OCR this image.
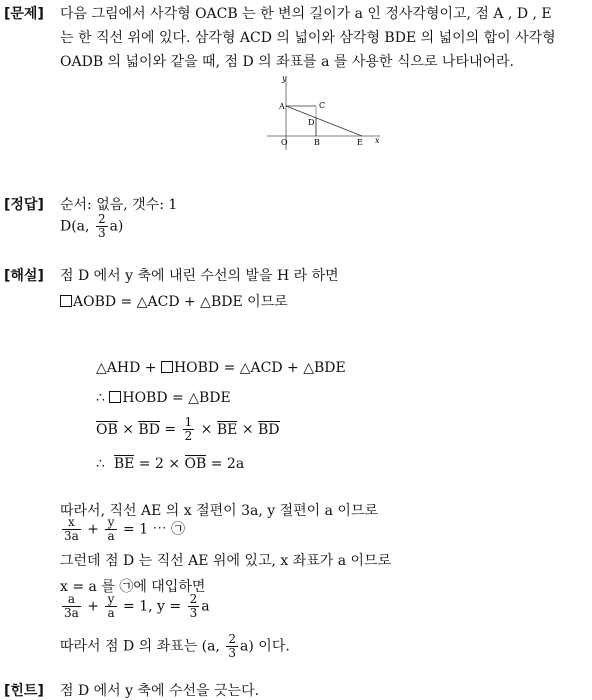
[문제] 다음 그림에서 사각형 OACB 는 한 변의 길이가 a 인 정사각형이고, 점 A , D , E
는 한 직선 위에 있다. 삼각형 ACD 의 넓이와 삼각형 BDE 의 넓이의 합이 사각형
OADB 의 넓이와 같을 때, 점 D 의 좌표를 a 를 사용한 식으로 나타내어라.
y
x
A	C
D
O	B	E
[정답] 순서: 없음, 갯수: 1
D(a, $\frac{2}{3} a$)
[해설] 점 D 에서 y 축에 내린 수선의 발을 H 라 하면
AOBD = △ACD + △BDE 이므로
△AHD + HOBD = △ACD + △BDE
∴ HOBD = △BDE
OB × BD = $\frac{1}{2}$ × BE × BD
∴ BE = 2 × OB = 2a
따라서, 직선 AE 의 x 절편이 3a, y 절편이 a 이므로
$\frac{x}{3a} + \frac{y}{a} = 1$ ⋯ ㉠
그런데 점 D 는 직선 AE 위에 있고, x 좌표가 a 이므로
x = a 를 ㉠에 대입하면
$\frac{a}{3a} + \frac{y}{a} = 1$, $y = \frac{2}{3}$ a
따라서 점 D 의 좌표는 (a, $\frac{2}{3} a$) 이다.
[힌트] 점 D 에서 y 축에 수선을 긋는다.
